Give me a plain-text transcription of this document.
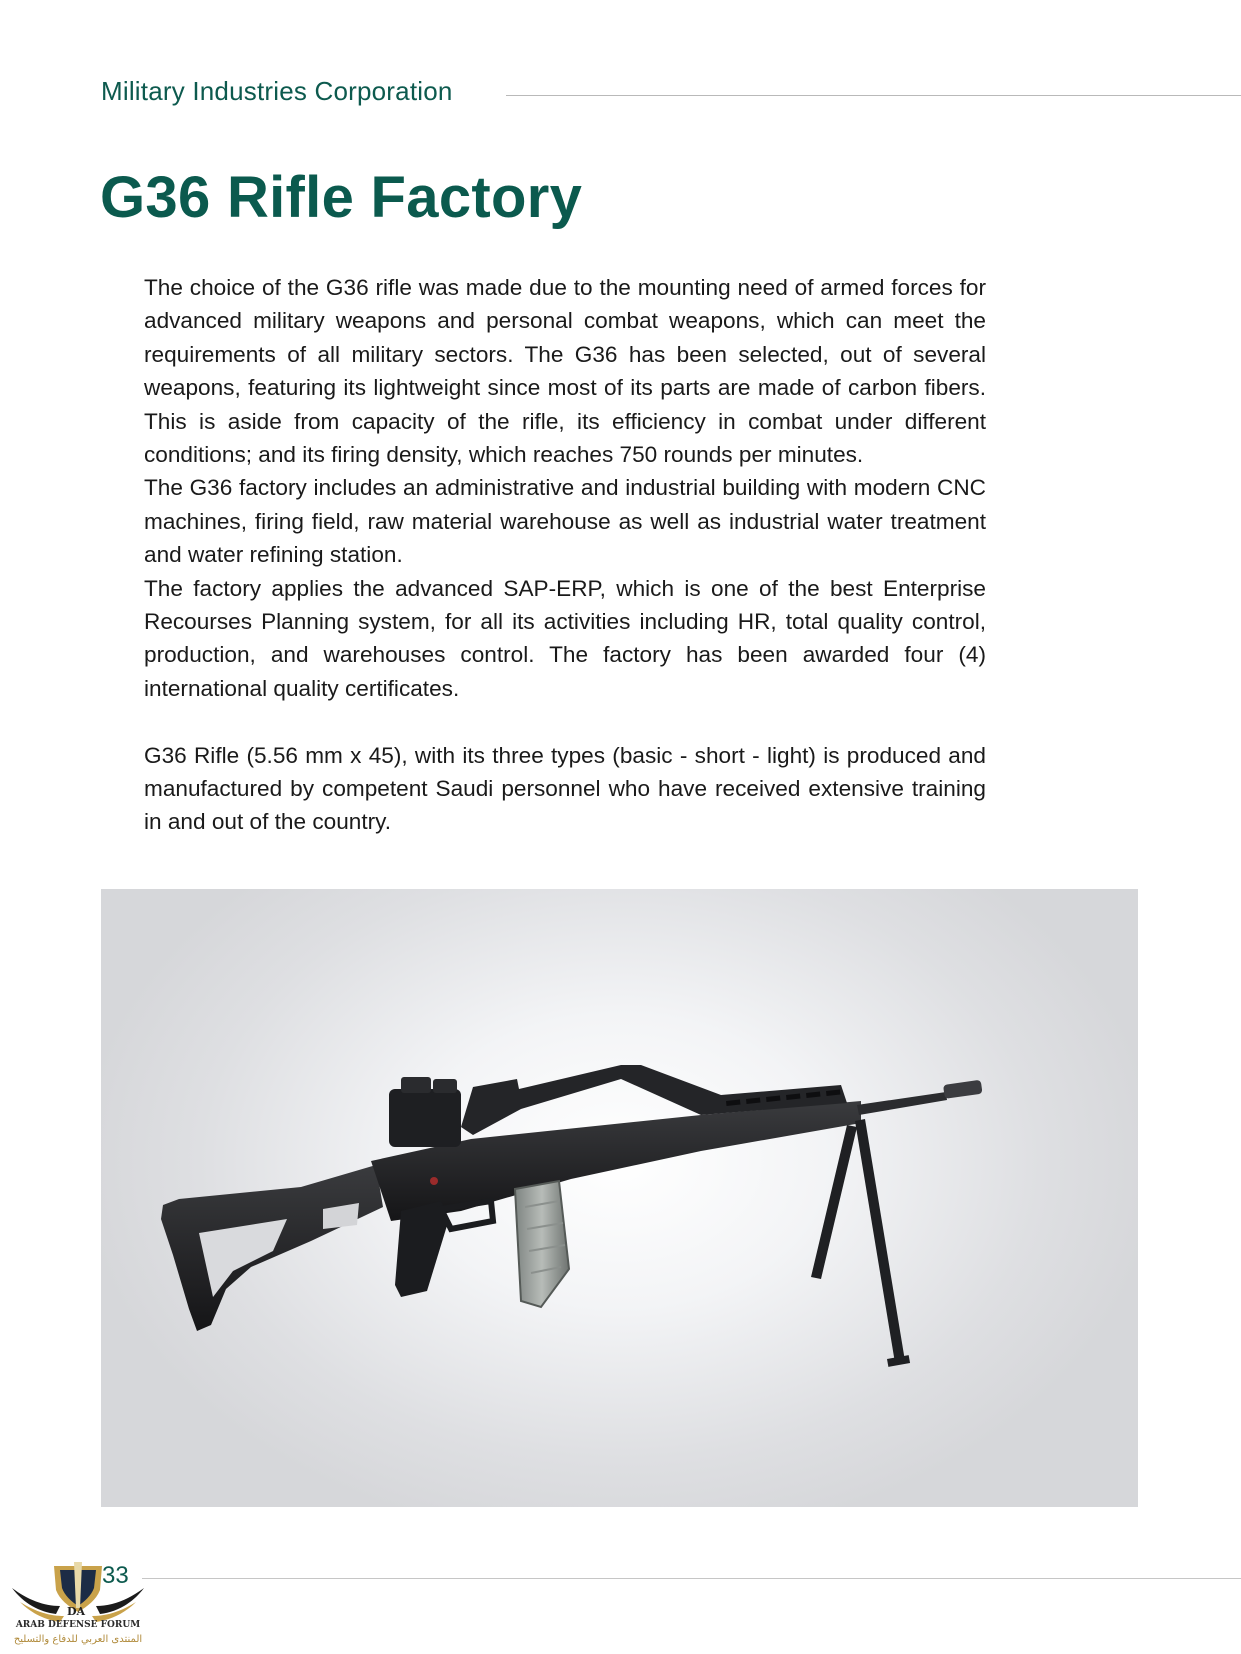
Military Industries Corporation
G36 Rifle Factory

The choice of the G36 rifle was made due to the mounting need of armed forces for advanced military weapons and personal combat weapons, which can meet the requirements of all military sectors. The G36 has been selected, out of several weapons, featuring its lightweight since most of its parts are made of carbon fibers. This is aside from capacity of the rifle, its efficiency in combat under different conditions; and its firing density, which reaches 750 rounds per minutes.

The G36 factory includes an administrative and industrial building with modern CNC machines, firing field, raw material warehouse as well as industrial water treatment and water refining station.

The factory applies the advanced SAP-ERP, which is one of the best Enterprise Recourses Planning system, for all its activities including HR, total quality control, production, and warehouses control. The factory has been awarded four (4) international quality certificates.

G36 Rifle (5.56 mm x 45), with its three types (basic - short - light) is produced and manufactured by competent Saudi personnel who have received extensive training in and out of the country.

DA
ARAB DEFENSE FORUM
المنتدى العربي للدفاع والتسليح
33
